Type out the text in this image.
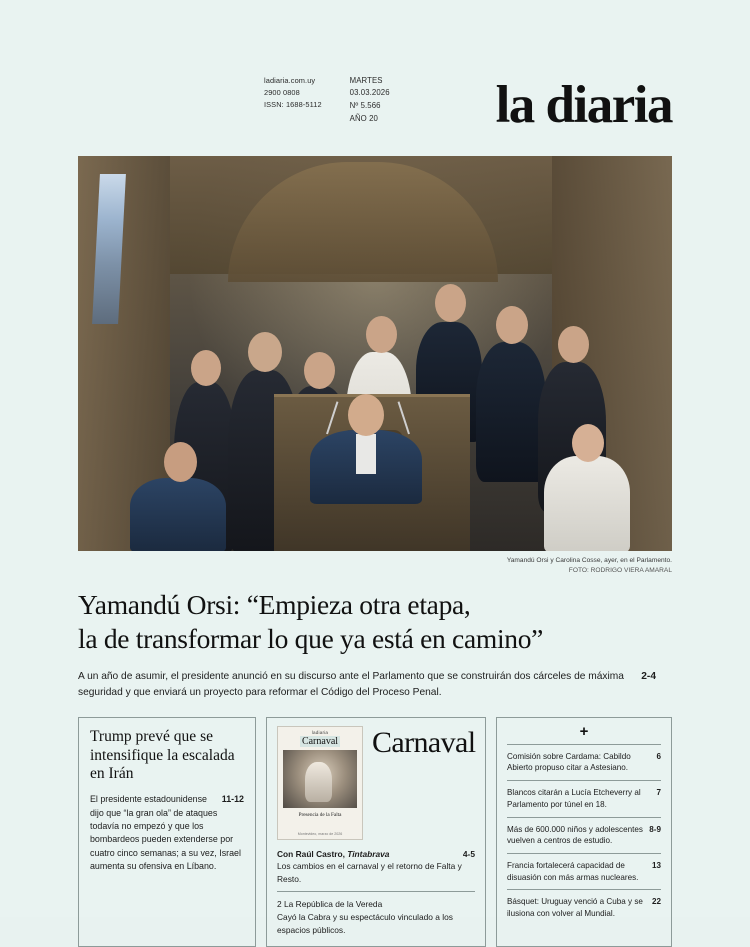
ladiaria.com.uy
2900 0808
ISSN: 1688-5112
MARTES
03.03.2026
Nº 5.566
AÑO 20 la diaria
Yamandú Orsi y Carolina Cosse, ayer, en el Parlamento.
FOTO: RODRIGO VIERA AMARAL
Yamandú Orsi: “Empieza otra etapa,
la de transformar lo que ya está en camino”
2-4
A un año de asumir, el presidente anunció en su discurso ante el Parlamento que se construirán dos cárceles de máxima seguridad y que enviará un proyecto para reformar el Código del Proceso Penal.
Trump prevé que se intensifique la escalada en Irán

11-12
El presidente estadounidense dijo que “la gran ola” de ataques todavía no empezó y que los bombardeos pueden extenderse por cuatro cinco semanas; a su vez, Israel aumenta su ofensiva en Líbano.

ladiaria
Carnaval
Presencia de la Falta
Montevideo, marzo de 2026
Carnaval
4-5
Con Raúl Castro, Tintabrava
Los cambios en el carnaval y el retorno de Falta y Resto.
2 La República de la Vereda
Cayó la Cabra y su espectáculo vinculado a los espacios públicos.
+
6
Comisión sobre Cardama: Cabildo Abierto propuso citar a Astesiano.
7
Blancos citarán a Lucía Etcheverry al Parlamento por túnel en 18.
8-9
Más de 600.000 niños y adolescentes vuelven a centros de estudio.
13
Francia fortalecerá capacidad de disuasión con más armas nucleares.
22
Básquet: Uruguay venció a Cuba y se ilusiona con volver al Mundial.
